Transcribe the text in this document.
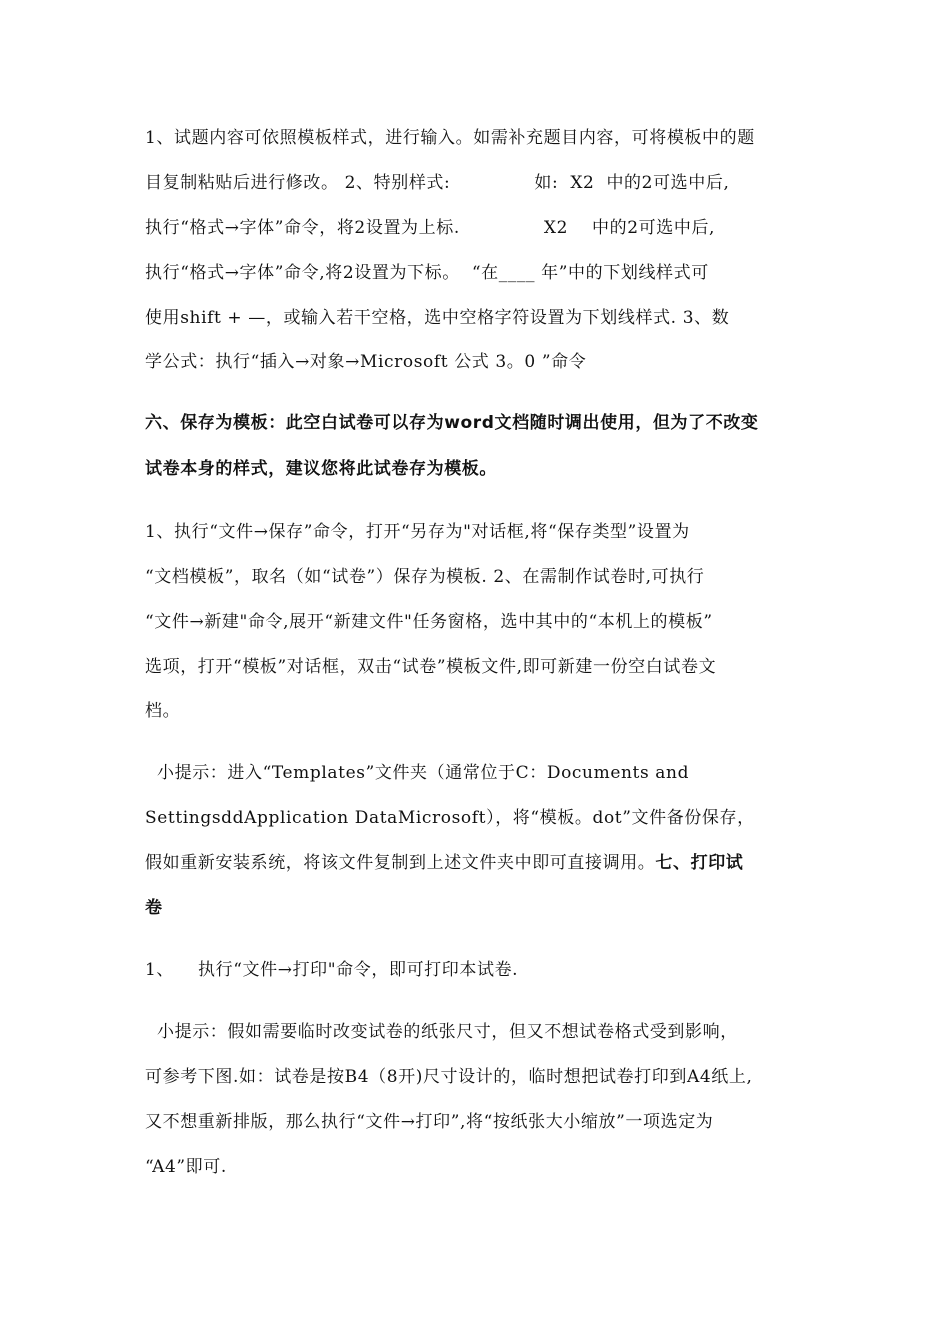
1、试题内容可依照模板样式，进行输入。如需补充题目内容，可将模板中的题
目复制粘贴后进行修改。 2、特别样式:              如:  X2  中的2可选中后,
执行“格式→字体”命令，将2设置为上标.              X2    中的2可选中后,
执行“格式→字体”命令,将2设置为下标。  “在____ 年”中的下划线样式可
使用shift + —，或输入若干空格，选中空格字符设置为下划线样式. 3、数
学公式：执行“插入→对象→Microsoft 公式 3。0 ”命令
六、保存为模板：此空白试卷可以存为word文档随时调出使用，但为了不改变
试卷本身的样式，建议您将此试卷存为模板。
1、执行“文件→保存”命令，打开“另存为"对话框,将“保存类型”设置为
“文档模板”，取名（如“试卷”）保存为模板. 2、在需制作试卷时,可执行
“文件→新建"命令,展开“新建文件"任务窗格，选中其中的“本机上的模板”
选项，打开“模板”对话框，双击“试卷”模板文件,即可新建一份空白试卷文
档。
小提示：进入“Templates”文件夹（通常位于C：Documents and
SettingsddApplication DataMicrosoft），将“模板。dot”文件备份保存，
假如重新安装系统，将该文件复制到上述文件夹中即可直接调用。七、打印试
卷
1、    执行“文件→打印"命令，即可打印本试卷.
小提示：假如需要临时改变试卷的纸张尺寸，但又不想试卷格式受到影响，
可参考下图.如：试卷是按B4（8开)尺寸设计的，临时想把试卷打印到A4纸上,
又不想重新排版，那么执行“文件→打印”,将“按纸张大小缩放”一项选定为
“A4”即可.
